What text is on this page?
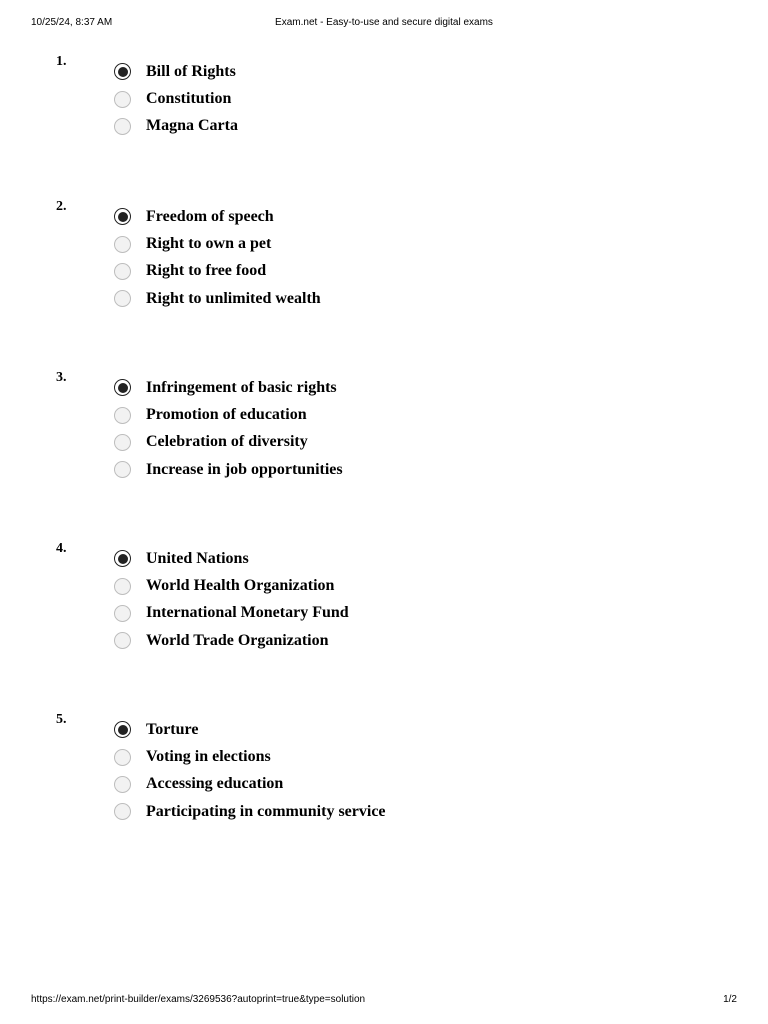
10/25/24, 8:37 AM	Exam.net - Easy-to-use and secure digital exams
1.
Bill of Rights
Constitution
Magna Carta
2.
Freedom of speech
Right to own a pet
Right to free food
Right to unlimited wealth
3.
Infringement of basic rights
Promotion of education
Celebration of diversity
Increase in job opportunities
4.
United Nations
World Health Organization
International Monetary Fund
World Trade Organization
5.
Torture
Voting in elections
Accessing education
Participating in community service
https://exam.net/print-builder/exams/3269536?autoprint=true&type=solution	1/2
